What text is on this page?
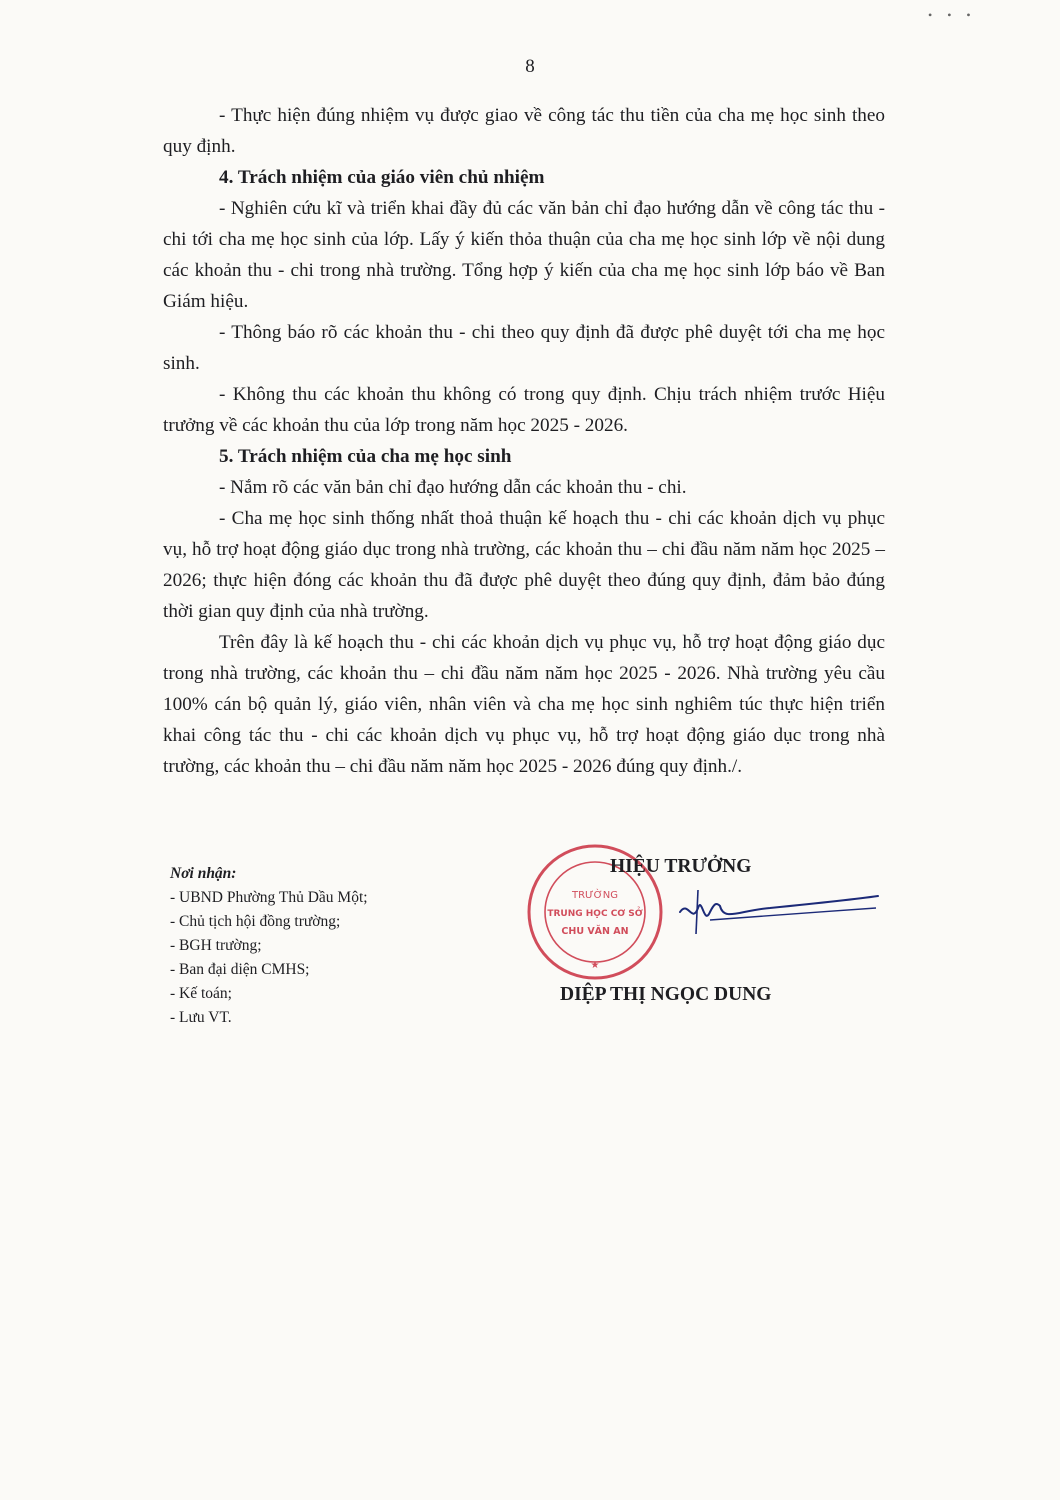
• • •
8

- Thực hiện đúng nhiệm vụ được giao về công tác thu tiền của cha mẹ học sinh theo quy định.

4. Trách nhiệm của giáo viên chủ nhiệm

- Nghiên cứu kĩ và triển khai đầy đủ các văn bản chỉ đạo hướng dẫn về công tác thu - chi tới cha mẹ học sinh của lớp. Lấy ý kiến thỏa thuận của cha mẹ học sinh lớp về nội dung các khoản thu - chi trong nhà trường. Tổng hợp ý kiến của cha mẹ học sinh lớp báo về Ban Giám hiệu.

- Thông báo rõ các khoản thu - chi theo quy định đã được phê duyệt tới cha mẹ học sinh.

- Không thu các khoản thu không có trong quy định. Chịu trách nhiệm trước Hiệu trưởng về các khoản thu của lớp trong năm học 2025 - 2026.

5. Trách nhiệm của cha mẹ học sinh

- Nắm rõ các văn bản chỉ đạo hướng dẫn các khoản thu - chi.

- Cha mẹ học sinh thống nhất thoả thuận kế hoạch thu - chi các khoản dịch vụ phục vụ, hỗ trợ hoạt động giáo dục trong nhà trường, các khoản thu – chi đầu năm năm học 2025 – 2026; thực hiện đóng các khoản thu đã được phê duyệt theo đúng quy định, đảm bảo đúng thời gian quy định của nhà trường.

Trên đây là kế hoạch thu - chi các khoản dịch vụ phục vụ, hỗ trợ hoạt động giáo dục trong nhà trường, các khoản thu – chi đầu năm năm học 2025 - 2026. Nhà trường yêu cầu 100% cán bộ quản lý, giáo viên, nhân viên và cha mẹ học sinh nghiêm túc thực hiện triển khai công tác thu - chi các khoản dịch vụ phục vụ, hỗ trợ hoạt động giáo dục trong nhà trường, các khoản thu – chi đầu năm năm học 2025 - 2026 đúng quy định./.

Nơi nhận:
- UBND Phường Thủ Dầu Một;
- Chủ tịch hội đồng trường;
- BGH trường;
- Ban đại diện CMHS;
- Kế toán;
- Lưu VT.
TRƯỜNG
TRUNG HỌC CƠ SỞ
CHU VĂN AN
★
HIỆU TRƯỞNG
DIỆP THỊ NGỌC DUNG
